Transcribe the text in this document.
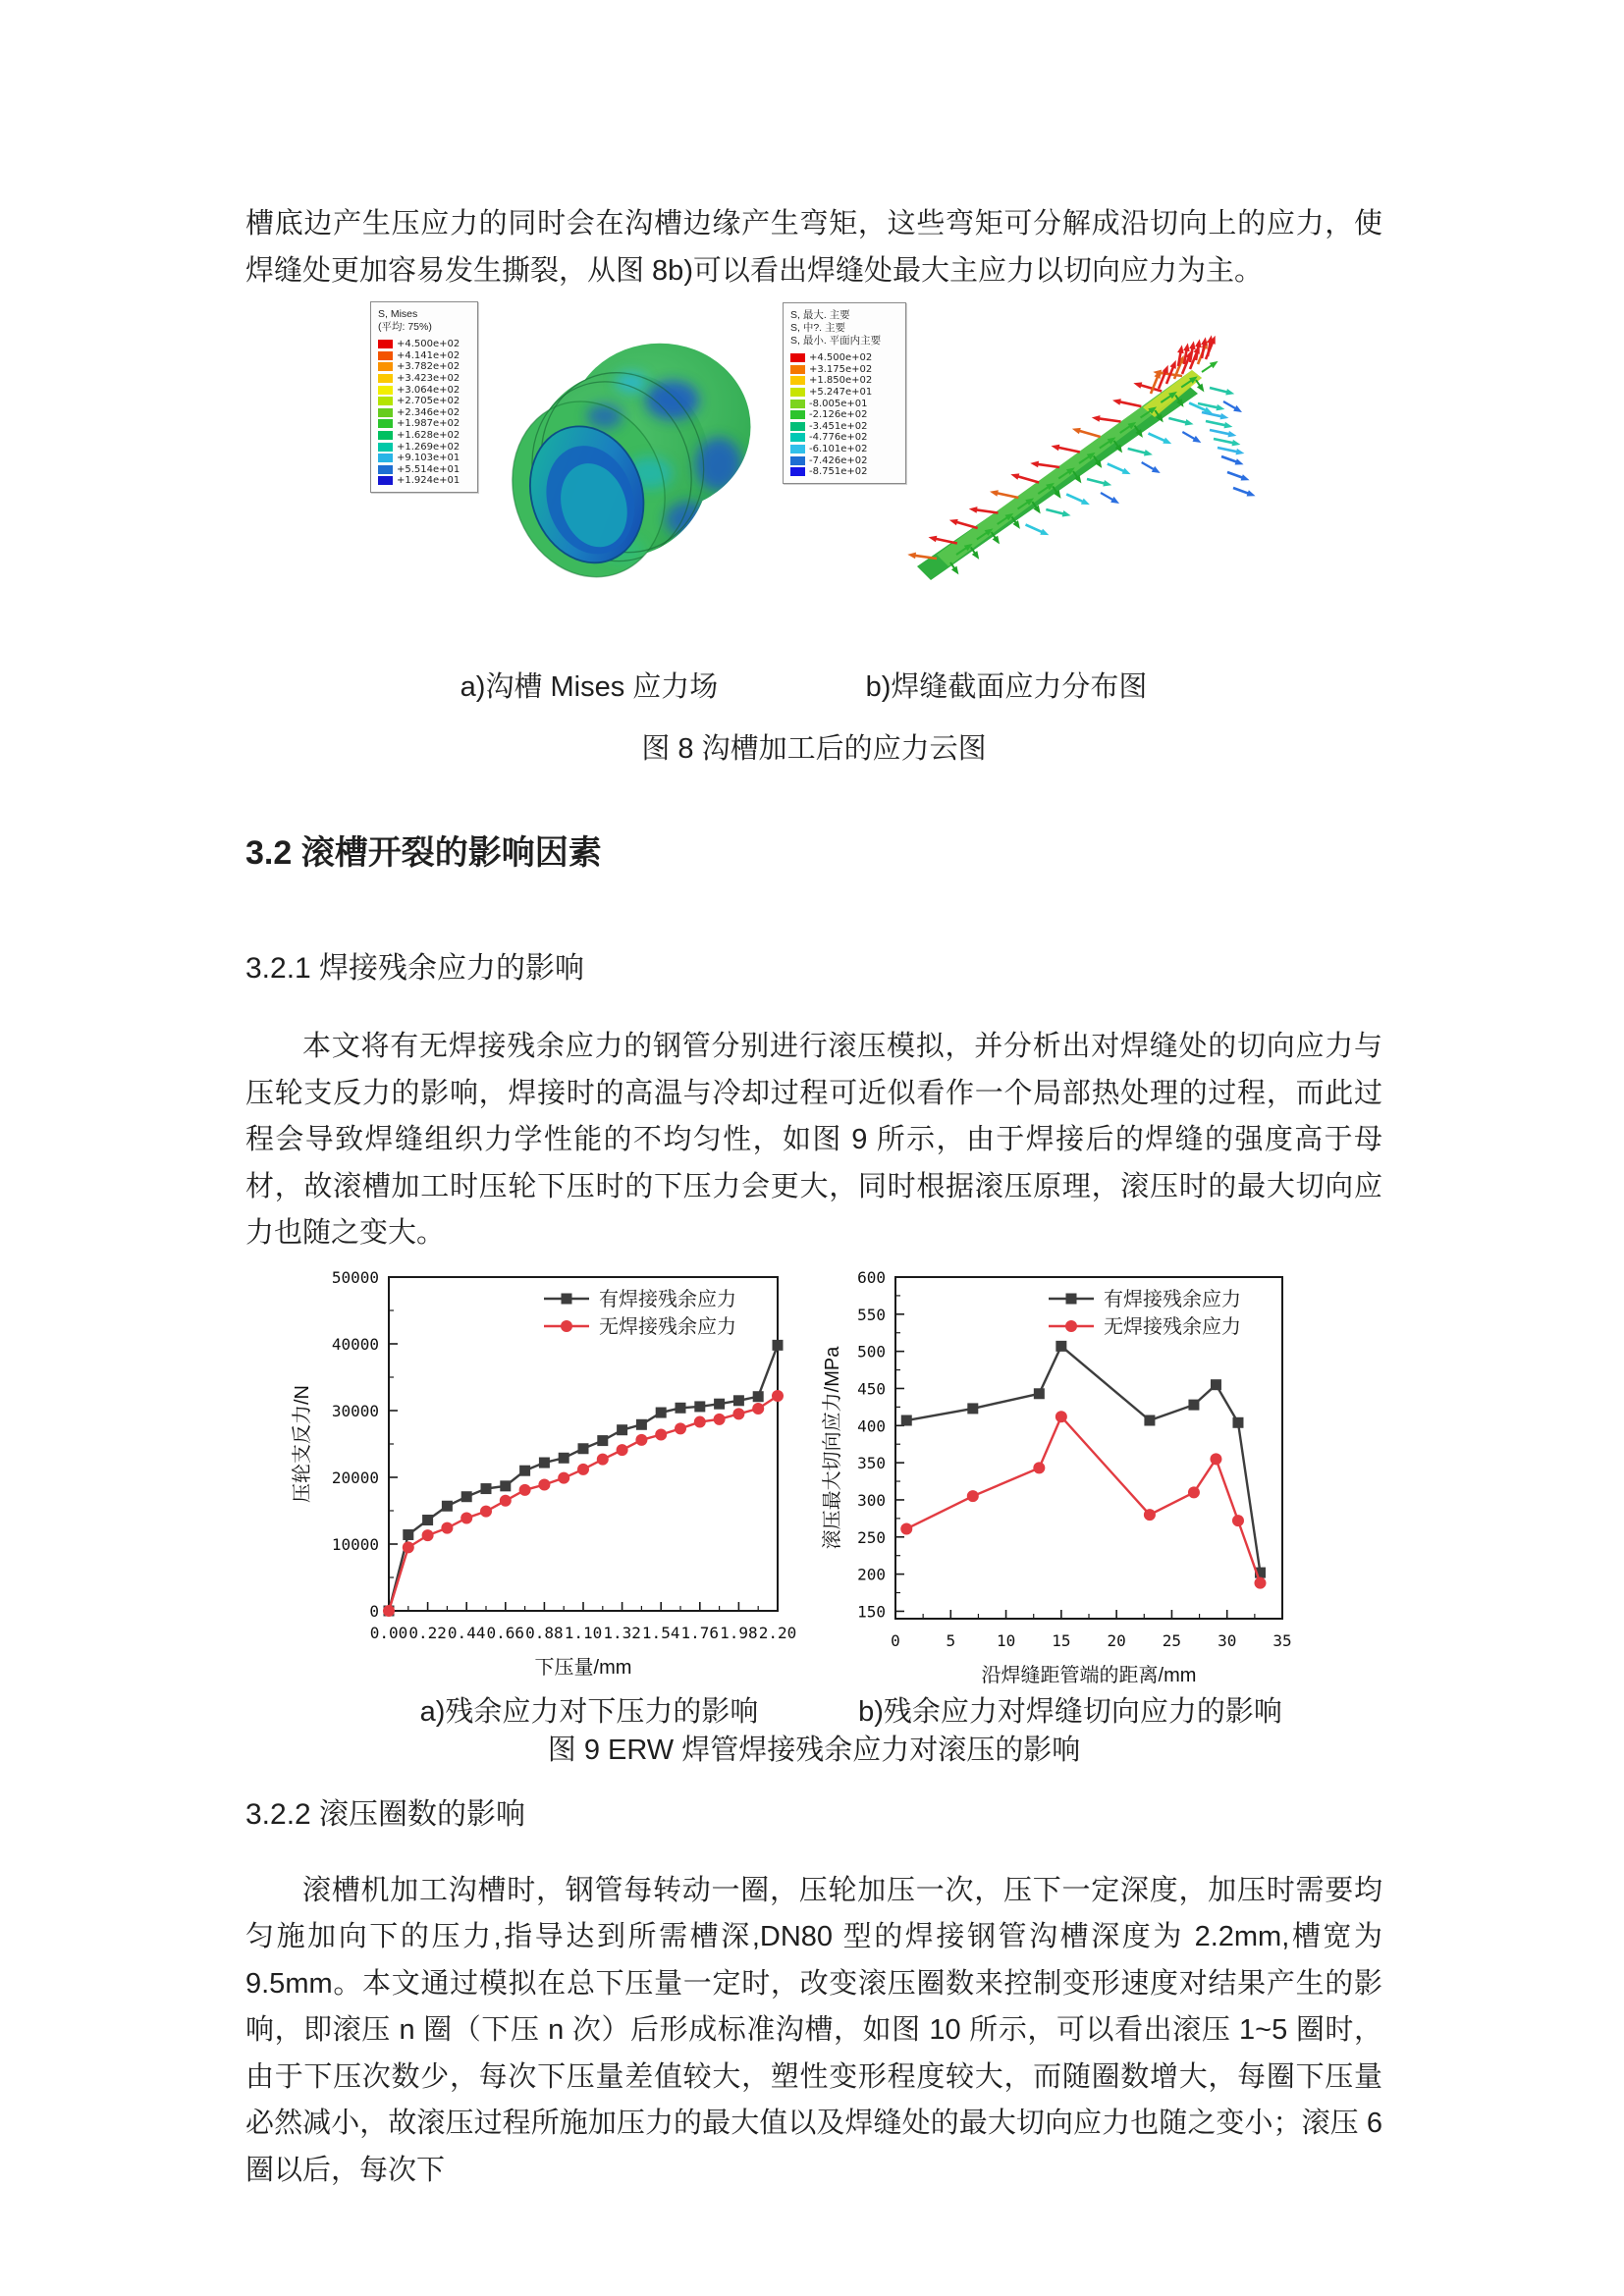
槽底边产生压应力的同时会在沟槽边缘产生弯矩，这些弯矩可分解成沿切向上的应力，使焊缝处更加容易发生撕裂，从图 8b)可以看出焊缝处最大主应力以切向应力为主。

S, Mises
(平均: 75%)
+4.500e+02
+4.141e+02
+3.782e+02
+3.423e+02
+3.064e+02
+2.705e+02
+2.346e+02
+1.987e+02
+1.628e+02
+1.269e+02
+9.103e+01
+5.514e+01
+1.924e+01
S, 最大. 主要
S, 中?. 主要
S, 最小. 平面内主要
+4.500e+02
+3.175e+02
+1.850e+02
+5.247e+01
-8.005e+01
-2.126e+02
-3.451e+02
-4.776e+02
-6.101e+02
-7.426e+02
-8.751e+02
a)沟槽 Mises 应力场	b)焊缝截面应力分布图
图 8 沟槽加工后的应力云图
3.2 滚槽开裂的影响因素
3.2.1 焊接残余应力的影响

本文将有无焊接残余应力的钢管分别进行滚压模拟，并分析出对焊缝处的切向应力与压轮支反力的影响，焊接时的高温与冷却过程可近似看作一个局部热处理的过程，而此过程会导致焊缝组织力学性能的不均匀性，如图 9 所示，由于焊接后的焊缝的强度高于母材，故滚槽加工时压轮下压时的下压力会更大，同时根据滚压原理，滚压时的最大切向应力也随之变大。

0.00 0.22 0.44 0.66 0.88 1.10 1.32 1.54 1.76 1.98 2.20
0
10000
20000
30000
40000
50000
下压量/mm
压轮支反力/N
有焊接残余应力
无焊接残余应力
0	5	10 15 20 25 30 35
150
200
250
300
350
400
450
500
550
600
沿焊缝距管端的距离/mm
滚压最大切向应力/MPa
有焊接残余应力
无焊接残余应力
a)残余应力对下压力的影响	b)残余应力对焊缝切向应力的影响
图 9 ERW 焊管焊接残余应力对滚压的影响
3.2.2 滚压圈数的影响

滚槽机加工沟槽时，钢管每转动一圈，压轮加压一次，压下一定深度，加压时需要均匀施加向下的压力,指导达到所需槽深,DN80 型的焊接钢管沟槽深度为 2.2mm,槽宽为 9.5mm。本文通过模拟在总下压量一定时，改变滚压圈数来控制变形速度对结果产生的影响，即滚压 n 圈（下压 n 次）后形成标准沟槽，如图 10 所示，可以看出滚压 1~5 圈时，由于下压次数少，每次下压量差值较大，塑性变形程度较大，而随圈数增大，每圈下压量必然减小，故滚压过程所施加压力的最大值以及焊缝处的最大切向应力也随之变小；滚压 6 圈以后，每次下
